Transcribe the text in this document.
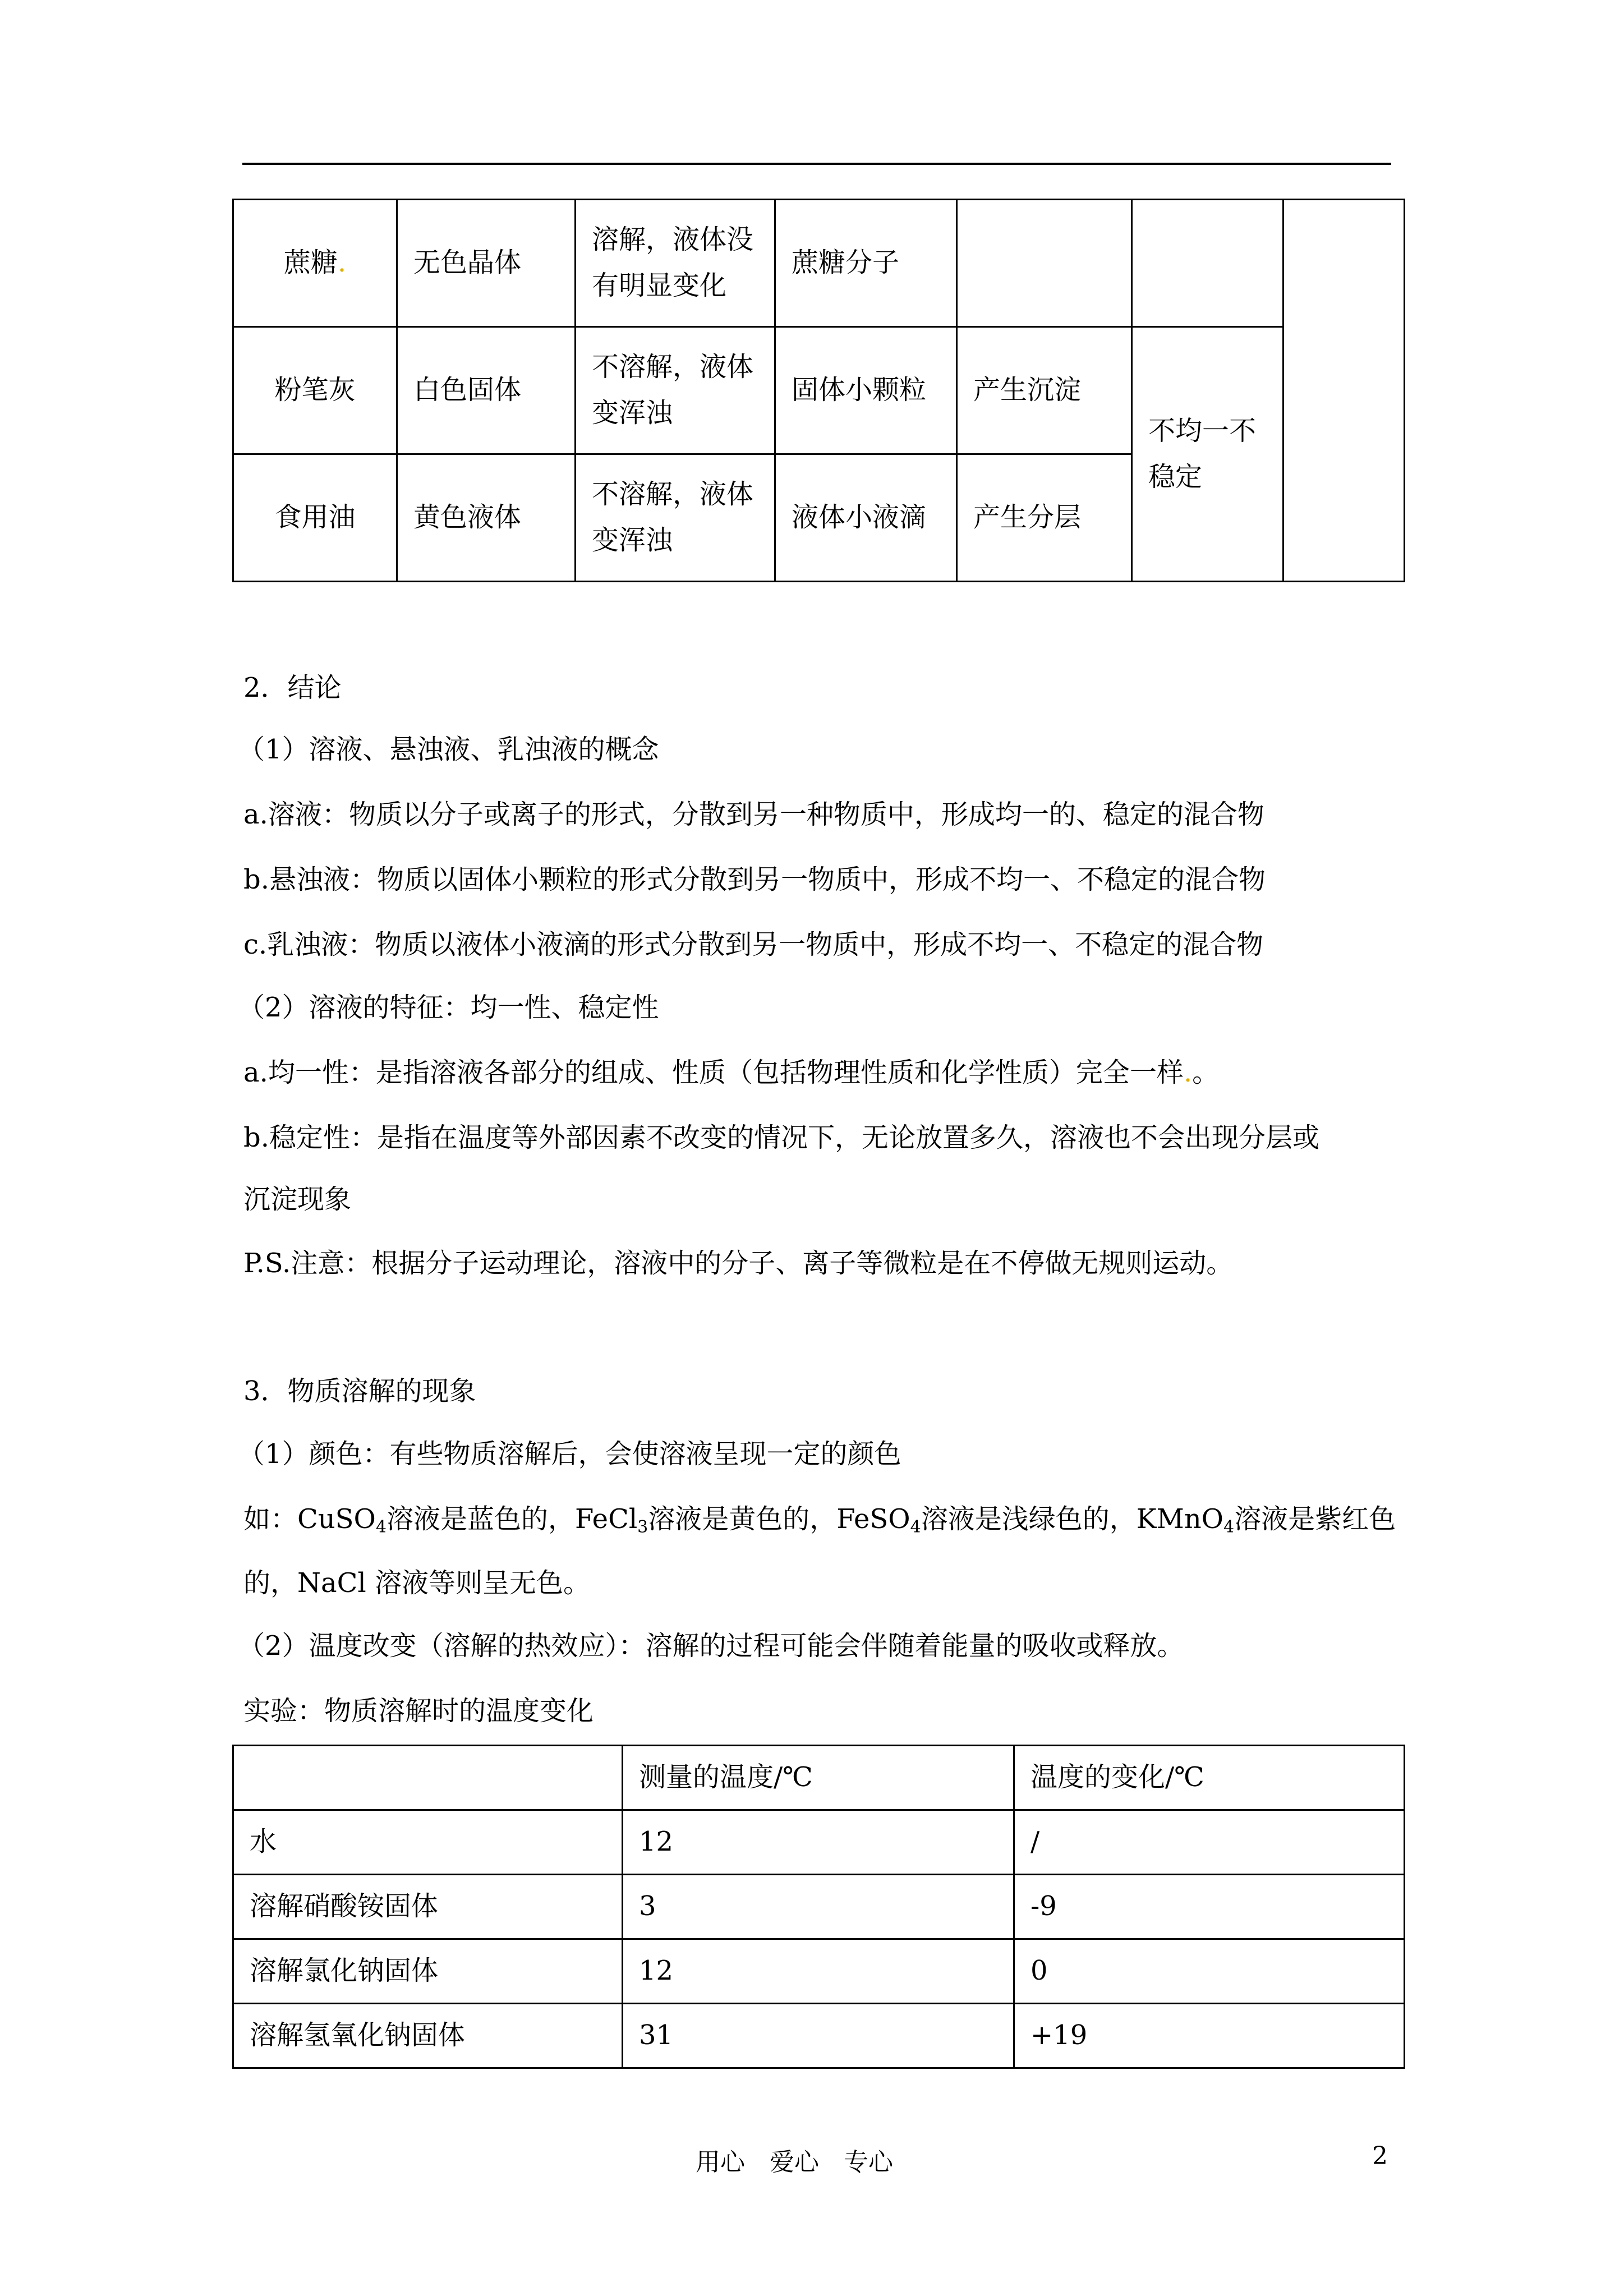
蔗糖.	无色晶体	溶解，液体没有明显变化	蔗糖分子			
粉笔灰	白色固体	不溶解，液体变浑浊	固体小颗粒	产生沉淀	不均一不稳定	
食用油	黄色液体	不溶解，液体变浑浊	液体小液滴	产生分层		
2．结论
（1）溶液、悬浊液、乳浊液的概念
a.溶液：物质以分子或离子的形式，分散到另一种物质中，形成均一的、稳定的混合物
b.悬浊液：物质以固体小颗粒的形式分散到另一物质中，形成不均一、不稳定的混合物
c.乳浊液：物质以液体小液滴的形式分散到另一物质中，形成不均一、不稳定的混合物
（2）溶液的特征：均一性、稳定性
a.均一性：是指溶液各部分的组成、性质（包括物理性质和化学性质）完全一样.。
b.稳定性：是指在温度等外部因素不改变的情况下，无论放置多久，溶液也不会出现分层或
沉淀现象
P.S.注意：根据分子运动理论，溶液中的分子、离子等微粒是在不停做无规则运动。
3．物质溶解的现象
（1）颜色：有些物质溶解后，会使溶液呈现一定的颜色
如：CuSO$_4$溶液是蓝色的，FeCl$_3$溶液是黄色的，FeSO$_4$溶液是浅绿色的，KMnO$_4$溶液是紫红色
的，NaCl 溶液等则呈无色。
（2）温度改变（溶解的热效应）：溶解的过程可能会伴随着能量的吸收或释放。
实验：物质溶解时的温度变化
	测量的温度/℃	温度的变化/℃
水	12	/
溶解硝酸铵固体	3	-9
溶解氯化钠固体	12	0
溶解氢氧化钠固体	31	+19
用心　爱心　专心	2
